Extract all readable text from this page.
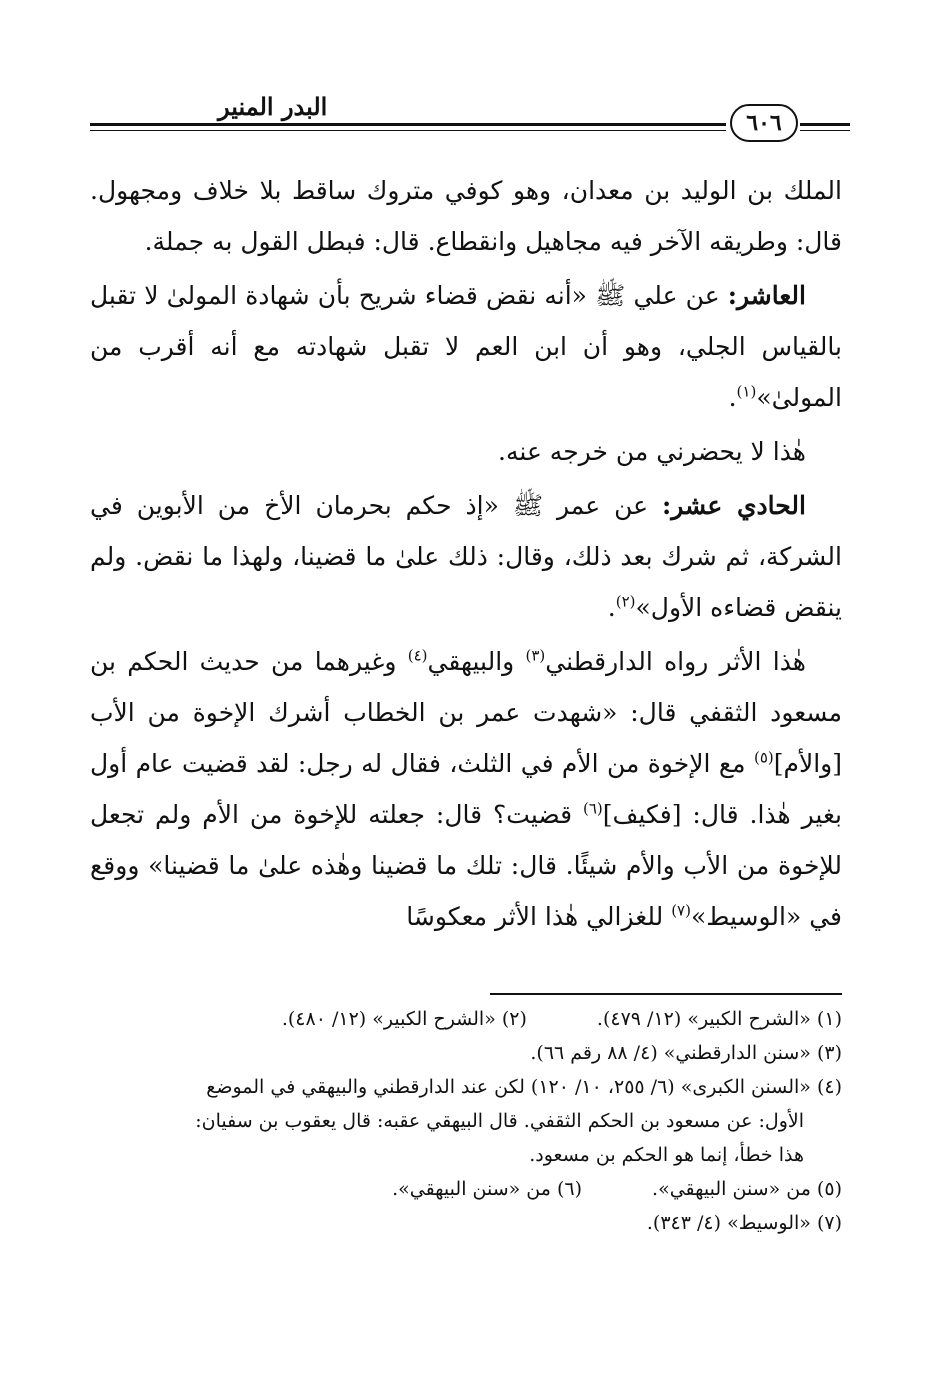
البدر المنير
٦٠٦

الملك بن الوليد بن معدان، وهو كوفي متروك ساقط بلا خلاف ومجهول. قال: وطريقه الآخر فيه مجاهيل وانقطاع. قال: فبطل القول به جملة.

العاشر: عن علي ﷺ «أنه نقض قضاء شريح بأن شهادة المولىٰ لا تقبل بالقياس الجلي، وهو أن ابن العم لا تقبل شهادته مع أنه أقرب من المولىٰ»$^{(١)}$.

هٰذا لا يحضرني من خرجه عنه.

الحادي عشر: عن عمر ﷺ «إذ حكم بحرمان الأخ من الأبوين في الشركة، ثم شرك بعد ذلك، وقال: ذلك علىٰ ما قضينا، ولهذا ما نقض. ولم ينقض قضاءه الأول»$^{(٢)}$.

هٰذا الأثر رواه الدارقطني$^{(٣)}$ والبيهقي$^{(٤)}$ وغيرهما من حديث الحكم بن مسعود الثقفي قال: «شهدت عمر بن الخطاب أشرك الإخوة من الأب [والأم]$^{(٥)}$ مع الإخوة من الأم في الثلث، فقال له رجل: لقد قضيت عام أول بغير هٰذا. قال: [فكيف]$^{(٦)}$ قضيت؟ قال: جعلته للإخوة من الأم ولم تجعل للإخوة من الأب والأم شيئًا. قال: تلك ما قضينا وهٰذه علىٰ ما قضينا» ووقع في «الوسيط»$^{(٧)}$ للغزالي هٰذا الأثر معكوسًا

(١) «الشرح الكبير» (١٢/ ٤٧٩).(٢) «الشرح الكبير» (١٢/ ٤٨٠).
(٣) «سنن الدارقطني» (٤/ ٨٨ رقم ٦٦).
(٤) «السنن الكبرى» (٦/ ٢٥٥، ١٠/ ١٢٠) لكن عند الدارقطني والبيهقي في الموضع
الأول: عن مسعود بن الحكم الثقفي. قال البيهقي عقبه: قال يعقوب بن سفيان:
هذا خطأ، إنما هو الحكم بن مسعود.
(٥) من «سنن البيهقي».(٦) من «سنن البيهقي».
(٧) «الوسيط» (٤/ ٣٤٣).
